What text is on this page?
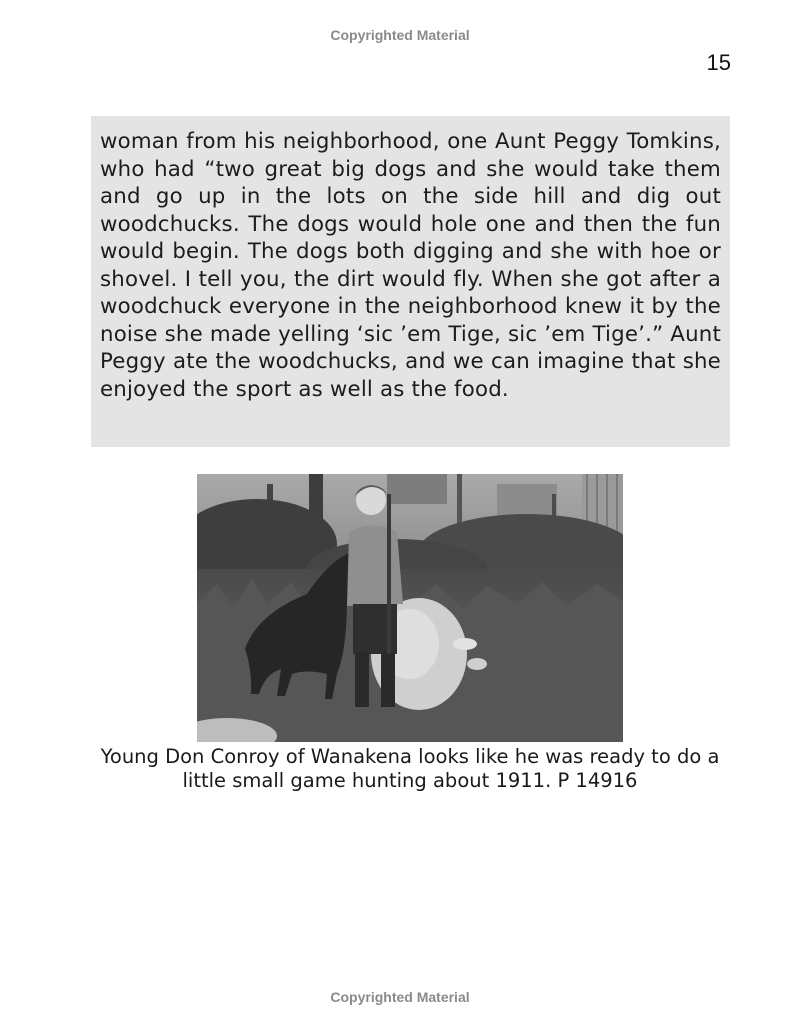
Copyrighted Material
15

woman from his neighborhood, one Aunt Peggy Tomkins, who had “two great big dogs and she would take them and go up in the lots on the side hill and dig out woodchucks. The dogs would hole one and then the fun would begin. The dogs both digging and she with hoe or shovel. I tell you, the dirt would fly. When she got after a woodchuck everyone in the neighborhood knew it by the noise she made yelling ‘sic ’em Tige, sic ’em Tige’.” Aunt Peggy ate the woodchucks, and we can imagine that she enjoyed the sport as well as the food.

Young Don Conroy of Wanakena looks like he was ready to do a little small game hunting about 1911. P 14916

Copyrighted Material
